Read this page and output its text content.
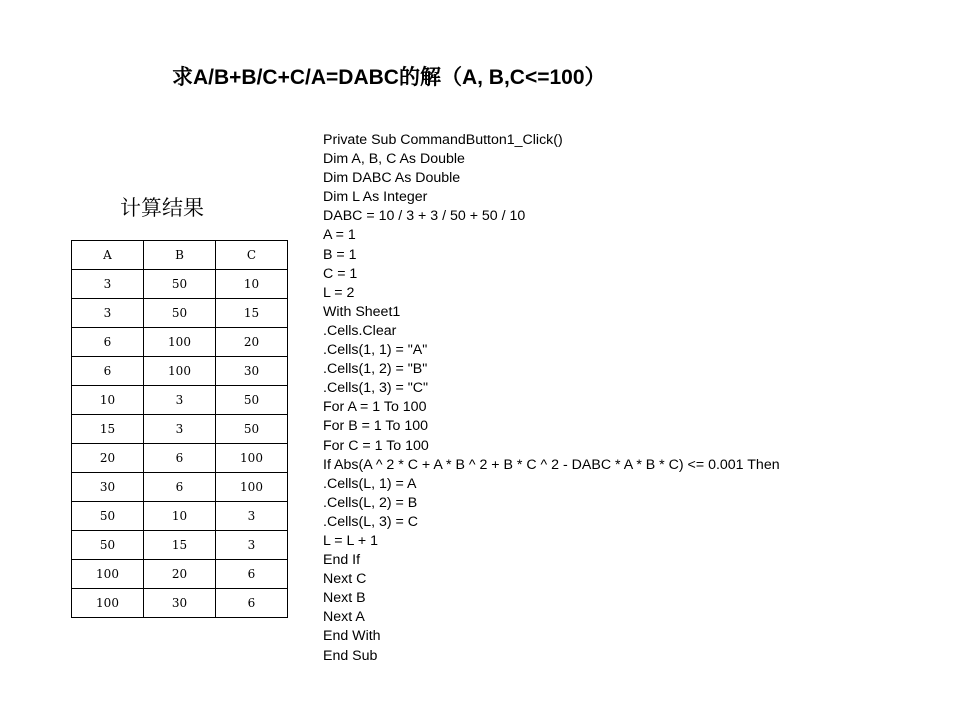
求A/B+B/C+C/A=DABC的解（A, B,C<=100）
计算结果
A	B	C
3	50	10
3	50	15
6	100	20
6	100	30
10	3	50
15	3	50
20	6	100
30	6	100
50	10	3
50	15	3
100	20	6
100	30	6
Private Sub CommandButton1_Click()
Dim A, B, C As Double
Dim DABC As Double
Dim L As Integer
DABC = 10 / 3 + 3 / 50 + 50 / 10
A = 1
B = 1
C = 1
L = 2
With Sheet1
.Cells.Clear
.Cells(1, 1) = "A"
.Cells(1, 2) = "B"
.Cells(1, 3) = "C"
For A = 1 To 100
For B = 1 To 100
For C = 1 To 100
If Abs(A ^ 2 * C + A * B ^ 2 + B * C ^ 2 - DABC * A * B * C) <= 0.001 Then
.Cells(L, 1) = A
.Cells(L, 2) = B
.Cells(L, 3) = C
L = L + 1
End If
Next C
Next B
Next A
End With
End Sub
